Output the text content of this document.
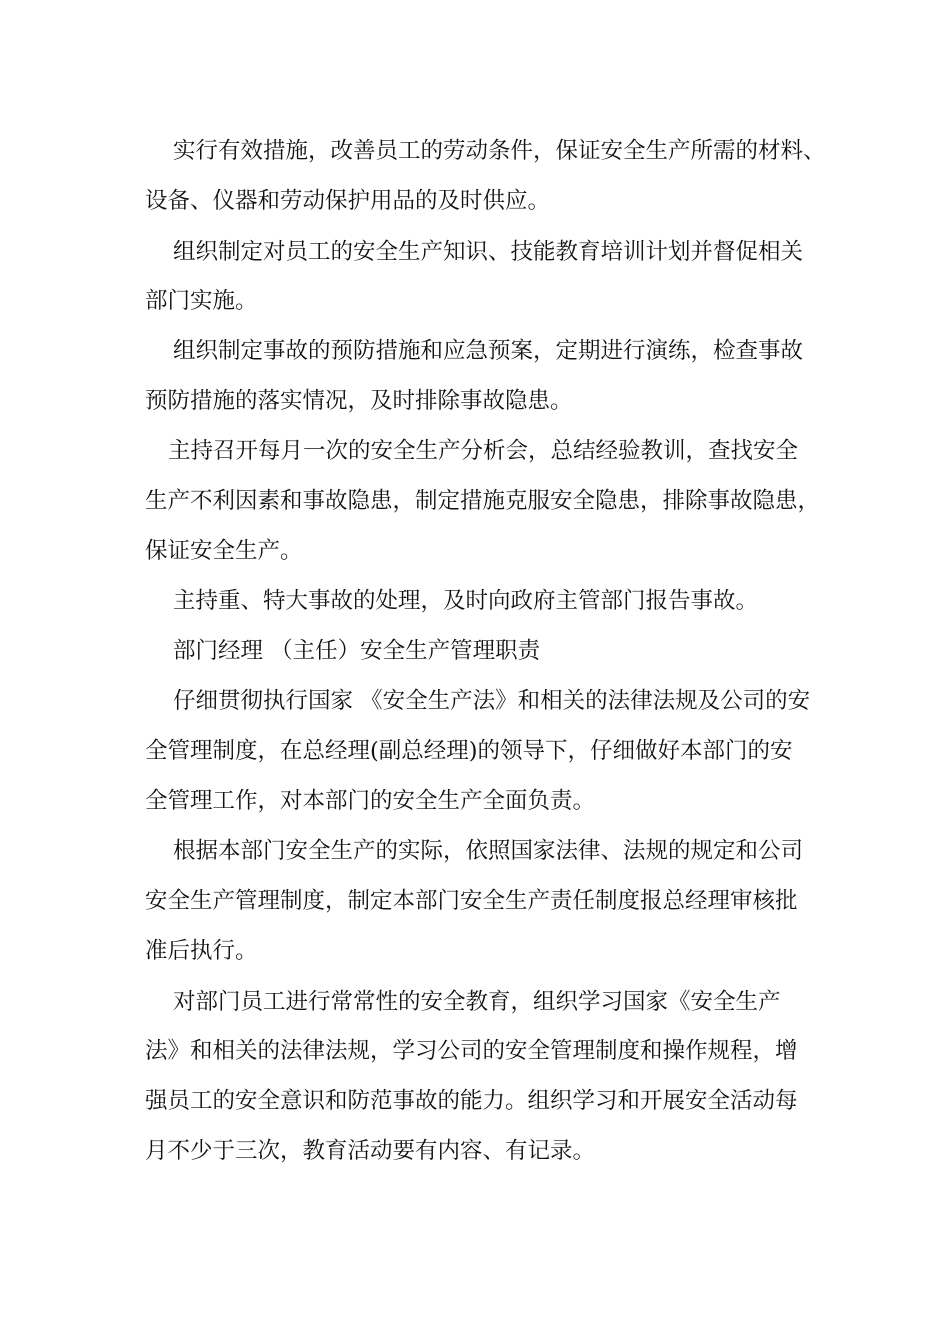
实行有效措施，改善员工的劳动条件，保证安全生产所需的材料、

设备、仪器和劳动保护用品的及时供应。

组织制定对员工的安全生产知识、技能教育培训计划并督促相关

部门实施。

组织制定事故的预防措施和应急预案，定期进行演练，检查事故

预防措施的落实情况，及时排除事故隐患。

主持召开每月一次的安全生产分析会，总结经验教训，查找安全

生产不利因素和事故隐患，制定措施克服安全隐患，排除事故隐患，

保证安全生产。

主持重、特大事故的处理，及时向政府主管部门报告事故。

部门经理 （主任）安全生产管理职责

仔细贯彻执行国家 《安全生产法》和相关的法律法规及公司的安

全管理制度，在总经理(副总经理)的领导下，仔细做好本部门的安

全管理工作，对本部门的安全生产全面负责。

根据本部门安全生产的实际，依照国家法律、法规的规定和公司

安全生产管理制度，制定本部门安全生产责任制度报总经理审核批

准后执行。

对部门员工进行常常性的安全教育，组织学习国家《安全生产

法》和相关的法律法规，学习公司的安全管理制度和操作规程，增

强员工的安全意识和防范事故的能力。组织学习和开展安全活动每

月不少于三次，教育活动要有内容、有记录。
